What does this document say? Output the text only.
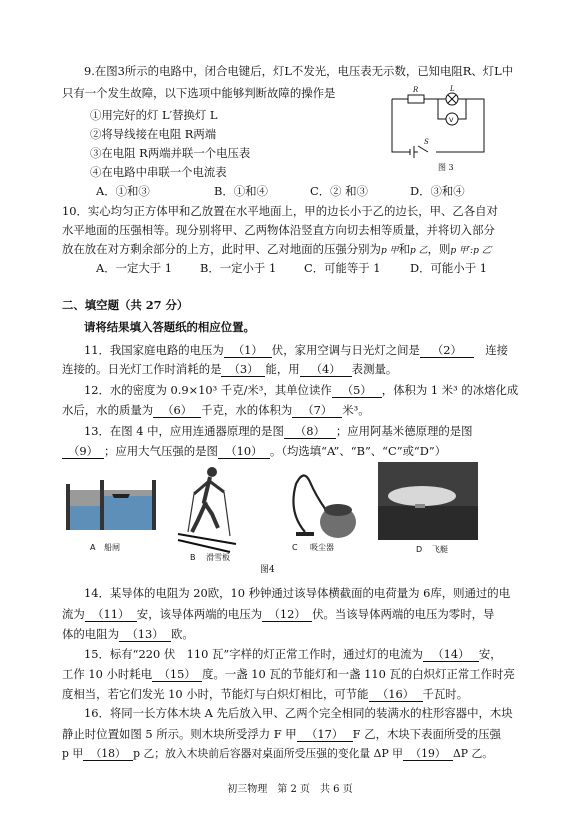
9.在图3所示的电路中，闭合电键后，灯L不发光，电压表无示数，已知电阻R、灯L中
只有一个发生故障，以下选项中能够判断故障的操作是
①用完好的灯 L′替换灯 L
②将导线接在电阻 R两端
③在电阻 R两端并联一个电压表
④在电路中串联一个电流表
A．①和③	B．①和④	C．② 和③	D．③和④
R	L
V
S
图 3
10．实心均匀正方体甲和乙放置在水平地面上，甲的边长小于乙的边长，甲、乙各自对
水平地面的压强相等。现分别将甲、乙两物体沿竖直方向切去相等质量，并将切入部分
放在放在对方剩余部分的上方，此时甲、乙对地面的压强分别为p 甲和p 乙，则p 甲′:p 乙′
A．一定大于 1 B．一定小于 1 C．可能等于 1	D．可能小于 1
二、填空题（共 27 分）
请将结果填入答题纸的相应位置。
11．我国家庭电路的电压为 （1） 伏，家用空调与日光灯之间是 （2）　连接
连接的。日光灯工作时消耗的是 （3） 能，用 （4） 表测量。
12．水的密度为 0.9×10³ 千克/米³，其单位读作 （5） ，体积为 1 米³ 的冰熔化成
水后，水的质量为 （6） 千克，水的体积为 （7） 米³。
13．在图 4 中，应用连通器原理的是图 （8） ；应用阿基米德原理的是图
（9） ；应用大气压强的是图 （10） 。（均选填“A”、“B”、“C”或“D”）
A 船闸
B 滑雪板
C 吸尘器	D 飞艇
图4
14．某导体的电阻为 20欧，10 秒钟通过该导体横截面的电荷量为 6库，则通过的电
流为 （11） 安，该导体两端的电压为 （12） 伏。当该导体两端的电压为零时，导
体的电阻为 （13） 欧。
15．标有“220 伏　110 瓦”字样的灯正常工作时，通过灯的电流为 （14） 安，
工作 10 小时耗电 （15） 度。一盏 10 瓦的节能灯和一盏 110 瓦的白炽灯正常工作时亮
度相当，若它们发光 10 小时，节能灯与白炽灯相比，可节能 （16） 千瓦时。
16．将同一长方体木块 A 先后放入甲、乙两个完全相同的装满水的柱形容器中，木块
静止时位置如图 5 所示。则木块所受浮力 F 甲 （17） F 乙，木块下表面所受的压强
p 甲 （18） p 乙；放入木块前后容器对桌面所受压强的变化量 ΔP 甲 （19） ΔP 乙。
初三物理　第 2 页　共 6 页
